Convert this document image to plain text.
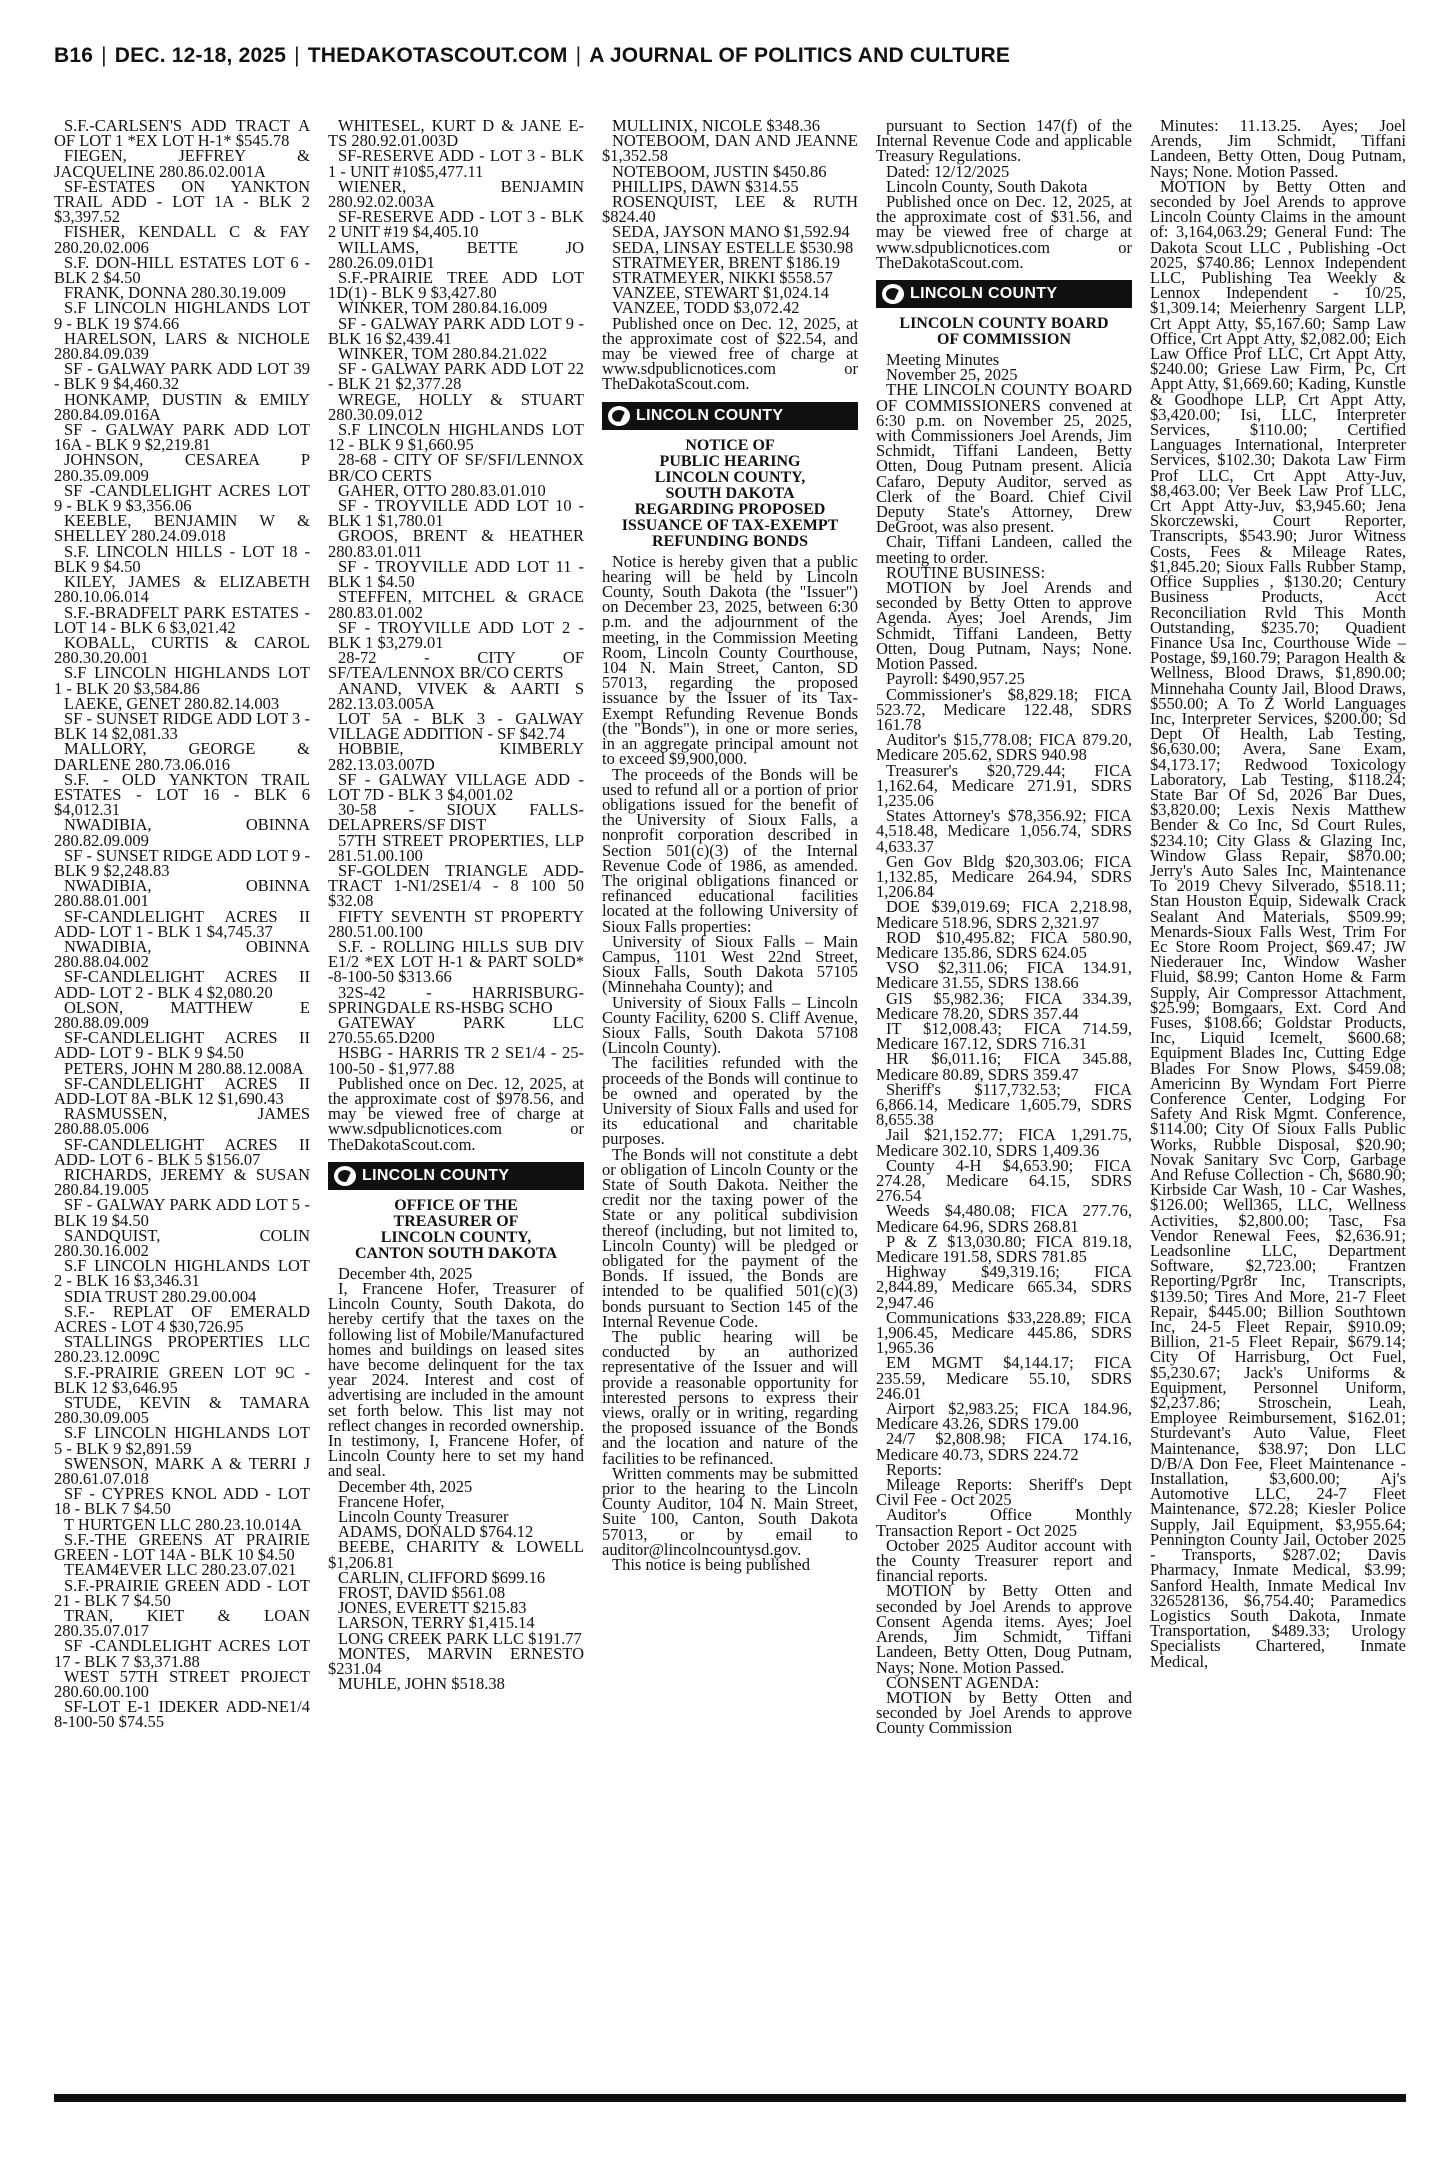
B16 | DEC. 12-18, 2025 | THEDAKOTASCOUT.COM | A JOURNAL OF POLITICS AND CULTURE

S.F.-CARLSEN'S ADD TRACT A OF LOT 1 *EX LOT H-1* $545.78

FIEGEN, JEFFREY & JACQUELINE 280.86.02.001A

SF-ESTATES ON YANKTON TRAIL ADD - LOT 1A - BLK 2 $3,397.52

FISHER, KENDALL C & FAY 280.20.02.006

S.F. DON-HILL ESTATES LOT 6 - BLK 2 $4.50

FRANK, DONNA 280.30.19.009

S.F LINCOLN HIGHLANDS LOT 9 - BLK 19 $74.66

HARELSON, LARS & NICHOLE 280.84.09.039

SF - GALWAY PARK ADD LOT 39 - BLK 9 $4,460.32

HONKAMP, DUSTIN & EMILY 280.84.09.016A

SF - GALWAY PARK ADD LOT 16A - BLK 9 $2,219.81

JOHNSON, CESAREA P 280.35.09.009

SF -CANDLELIGHT ACRES LOT 9 - BLK 9 $3,356.06

KEEBLE, BENJAMIN W & SHELLEY 280.24.09.018

S.F. LINCOLN HILLS - LOT 18 - BLK 9 $4.50

KILEY, JAMES & ELIZABETH 280.10.06.014

S.F.-BRADFELT PARK ESTATES - LOT 14 - BLK 6 $3,021.42

KOBALL, CURTIS & CAROL 280.30.20.001

S.F LINCOLN HIGHLANDS LOT 1 - BLK 20 $3,584.86

LAEKE, GENET 280.82.14.003

SF - SUNSET RIDGE ADD LOT 3 - BLK 14 $2,081.33

MALLORY, GEORGE & DARLENE 280.73.06.016

S.F. - OLD YANKTON TRAIL ESTATES - LOT 16 - BLK 6 $4,012.31

NWADIBIA, OBINNA 280.82.09.009

SF - SUNSET RIDGE ADD LOT 9 - BLK 9 $2,248.83

NWADIBIA, OBINNA 280.88.01.001

SF-CANDLELIGHT ACRES II ADD- LOT 1 - BLK 1 $4,745.37

NWADIBIA, OBINNA 280.88.04.002

SF-CANDLELIGHT ACRES II ADD- LOT 2 - BLK 4 $2,080.20

OLSON, MATTHEW E 280.88.09.009

SF-CANDLELIGHT ACRES II ADD- LOT 9 - BLK 9 $4.50

PETERS, JOHN M 280.88.12.008A

SF-CANDLELIGHT ACRES II ADD-LOT 8A -BLK 12 $1,690.43

RASMUSSEN, JAMES 280.88.05.006

SF-CANDLELIGHT ACRES II ADD- LOT 6 - BLK 5 $156.07

RICHARDS, JEREMY & SUSAN 280.84.19.005

SF - GALWAY PARK ADD LOT 5 - BLK 19 $4.50

SANDQUIST, COLIN 280.30.16.002

S.F LINCOLN HIGHLANDS LOT 2 - BLK 16 $3,346.31

SDIA TRUST 280.29.00.004

S.F.- REPLAT OF EMERALD ACRES - LOT 4 $30,726.95

STALLINGS PROPERTIES LLC 280.23.12.009C

S.F.-PRAIRIE GREEN LOT 9C - BLK 12 $3,646.95

STUDE, KEVIN & TAMARA 280.30.09.005

S.F LINCOLN HIGHLANDS LOT 5 - BLK 9 $2,891.59

SWENSON, MARK A & TERRI J 280.61.07.018

SF - CYPRES KNOL ADD - LOT 18 - BLK 7 $4.50

T HURTGEN LLC 280.23.10.014A

S.F.-THE GREENS AT PRAIRIE GREEN - LOT 14A - BLK 10 $4.50

TEAM4EVER LLC 280.23.07.021

S.F.-PRAIRIE GREEN ADD - LOT 21 - BLK 7 $4.50

TRAN, KIET & LOAN 280.35.07.017

SF -CANDLELIGHT ACRES LOT 17 - BLK 7 $3,371.88

WEST 57TH STREET PROJECT 280.60.00.100

SF-LOT E-1 IDEKER ADD-NE1/4 8-100-50 $74.55

WHITESEL, KURT D & JANE E-TS 280.92.01.003D

SF-RESERVE ADD - LOT 3 - BLK 1 - UNIT #10$5,477.11

WIENER, BENJAMIN 280.92.02.003A

SF-RESERVE ADD - LOT 3 - BLK 2 UNIT #19 $4,405.10

WILLAMS, BETTE JO 280.26.09.01D1

S.F.-PRAIRIE TREE ADD LOT 1D(1) - BLK 9 $3,427.80

WINKER, TOM 280.84.16.009

SF - GALWAY PARK ADD LOT 9 - BLK 16 $2,439.41

WINKER, TOM 280.84.21.022

SF - GALWAY PARK ADD LOT 22 - BLK 21 $2,377.28

WREGE, HOLLY & STUART 280.30.09.012

S.F LINCOLN HIGHLANDS LOT 12 - BLK 9 $1,660.95

28-68 - CITY OF SF/SFI/LENNOX BR/CO CERTS

GAHER, OTTO 280.83.01.010

SF - TROYVILLE ADD LOT 10 - BLK 1 $1,780.01

GROOS, BRENT & HEATHER 280.83.01.011

SF - TROYVILLE ADD LOT 11 - BLK 1 $4.50

STEFFEN, MITCHEL & GRACE 280.83.01.002

SF - TROYVILLE ADD LOT 2 - BLK 1 $3,279.01

28-72 - CITY OF SF/TEA/LENNOX BR/CO CERTS

ANAND, VIVEK & AARTI S 282.13.03.005A

LOT 5A - BLK 3 - GALWAY VILLAGE ADDITION - SF $42.74

HOBBIE, KIMBERLY 282.13.03.007D

SF - GALWAY VILLAGE ADD - LOT 7D - BLK 3 $4,001.02

30-58 - SIOUX FALLS-DELAPRERS/SF DIST

57TH STREET PROPERTIES, LLP 281.51.00.100

SF-GOLDEN TRIANGLE ADD-TRACT 1-N1/2SE1/4 - 8 100 50 $32.08

FIFTY SEVENTH ST PROPERTY 280.51.00.100

S.F. - ROLLING HILLS SUB DIV E1/2 *EX LOT H-1 & PART SOLD* -8-100-50 $313.66

32S-42 - HARRISBURG-SPRINGDALE RS-HSBG SCHO

GATEWAY PARK LLC 270.55.65.D200

HSBG - HARRIS TR 2 SE1/4 - 25-100-50 - $1,977.88

Published once on Dec. 12, 2025, at the approximate cost of $978.56, and may be viewed free of charge at www.sdpublicnotices.com or TheDakotaScout.com.

LINCOLN COUNTY
OFFICE OF THE
TREASURER OF
LINCOLN COUNTY,
CANTON SOUTH DAKOTA

December 4th, 2025

I, Francene Hofer, Treasurer of Lincoln County, South Dakota, do hereby certify that the taxes on the following list of Mobile/Manufactured homes and buildings on leased sites have become delinquent for the tax year 2024. Interest and cost of advertising are included in the amount set forth below. This list may not reflect changes in recorded ownership. In testimony, I, Francene Hofer, of Lincoln County here to set my hand and seal.

December 4th, 2025

Francene Hofer,

Lincoln County Treasurer

ADAMS, DONALD $764.12

BEEBE, CHARITY & LOWELL $1,206.81

CARLIN, CLIFFORD $699.16

FROST, DAVID $561.08

JONES, EVERETT $215.83

LARSON, TERRY $1,415.14

LONG CREEK PARK LLC $191.77

MONTES, MARVIN ERNESTO $231.04

MUHLE, JOHN $518.38

MULLINIX, NICOLE $348.36

NOTEBOOM, DAN AND JEANNE $1,352.58

NOTEBOOM, JUSTIN $450.86

PHILLIPS, DAWN $314.55

ROSENQUIST, LEE & RUTH $824.40

SEDA, JAYSON MANO $1,592.94

SEDA, LINSAY ESTELLE $530.98

STRATMEYER, BRENT $186.19

STRATMEYER, NIKKI $558.57

VANZEE, STEWART $1,024.14

VANZEE, TODD $3,072.42

Published once on Dec. 12, 2025, at the approximate cost of $22.54, and may be viewed free of charge at www.sdpublicnotices.com or TheDakotaScout.com.

LINCOLN COUNTY
NOTICE OF
PUBLIC HEARING
LINCOLN COUNTY,
SOUTH DAKOTA
REGARDING PROPOSED
ISSUANCE OF TAX-EXEMPT
REFUNDING BONDS

Notice is hereby given that a public hearing will be held by Lincoln County, South Dakota (the "Issuer") on December 23, 2025, between 6:30 p.m. and the adjournment of the meeting, in the Commission Meeting Room, Lincoln County Courthouse, 104 N. Main Street, Canton, SD 57013, regarding the proposed issuance by the Issuer of its Tax-Exempt Refunding Revenue Bonds (the "Bonds"), in one or more series, in an aggregate principal amount not to exceed $9,900,000.

The proceeds of the Bonds will be used to refund all or a portion of prior obligations issued for the benefit of the University of Sioux Falls, a nonprofit corporation described in Section 501(c)(3) of the Internal Revenue Code of 1986, as amended. The original obligations financed or refinanced educational facilities located at the following University of Sioux Falls properties:

University of Sioux Falls – Main Campus, 1101 West 22nd Street, Sioux Falls, South Dakota 57105 (Minnehaha County); and

University of Sioux Falls – Lincoln County Facility, 6200 S. Cliff Avenue, Sioux Falls, South Dakota 57108 (Lincoln County).

The facilities refunded with the proceeds of the Bonds will continue to be owned and operated by the University of Sioux Falls and used for its educational and charitable purposes.

The Bonds will not constitute a debt or obligation of Lincoln County or the State of South Dakota. Neither the credit nor the taxing power of the State or any political subdivision thereof (including, but not limited to, Lincoln County) will be pledged or obligated for the payment of the Bonds. If issued, the Bonds are intended to be qualified 501(c)(3) bonds pursuant to Section 145 of the Internal Revenue Code.

The public hearing will be conducted by an authorized representative of the Issuer and will provide a reasonable opportunity for interested persons to express their views, orally or in writing, regarding the proposed issuance of the Bonds and the location and nature of the facilities to be refinanced.

Written comments may be submitted prior to the hearing to the Lincoln County Auditor, 104 N. Main Street, Suite 100, Canton, South Dakota 57013, or by email to auditor@lincolncountysd.gov.

This notice is being published

pursuant to Section 147(f) of the Internal Revenue Code and applicable Treasury Regulations.

Dated: 12/12/2025

Lincoln County, South Dakota

Published once on Dec. 12, 2025, at the approximate cost of $31.56, and may be viewed free of charge at www.sdpublicnotices.com or TheDakotaScout.com.

LINCOLN COUNTY
LINCOLN COUNTY BOARD
OF COMMISSION

Meeting Minutes

November 25, 2025

THE LINCOLN COUNTY BOARD OF COMMISSIONERS convened at 6:30 p.m. on November 25, 2025, with Commissioners Joel Arends, Jim Schmidt, Tiffani Landeen, Betty Otten, Doug Putnam present. Alicia Cafaro, Deputy Auditor, served as Clerk of the Board. Chief Civil Deputy State's Attorney, Drew DeGroot, was also present.

Chair, Tiffani Landeen, called the meeting to order.

ROUTINE BUSINESS:

MOTION by Joel Arends and seconded by Betty Otten to approve Agenda. Ayes; Joel Arends, Jim Schmidt, Tiffani Landeen, Betty Otten, Doug Putnam, Nays; None. Motion Passed.

Payroll: $490,957.25

Commissioner's $8,829.18; FICA 523.72, Medicare 122.48, SDRS 161.78

Auditor's $15,778.08; FICA 879.20, Medicare 205.62, SDRS 940.98

Treasurer's $20,729.44; FICA 1,162.64, Medicare 271.91, SDRS 1,235.06

States Attorney's $78,356.92; FICA 4,518.48, Medicare 1,056.74, SDRS 4,633.37

Gen Gov Bldg $20,303.06; FICA 1,132.85, Medicare 264.94, SDRS 1,206.84

DOE $39,019.69; FICA 2,218.98, Medicare 518.96, SDRS 2,321.97

ROD $10,495.82; FICA 580.90, Medicare 135.86, SDRS 624.05

VSO $2,311.06; FICA 134.91, Medicare 31.55, SDRS 138.66

GIS $5,982.36; FICA 334.39, Medicare 78.20, SDRS 357.44

IT $12,008.43; FICA 714.59, Medicare 167.12, SDRS 716.31

HR $6,011.16; FICA 345.88, Medicare 80.89, SDRS 359.47

Sheriff's $117,732.53; FICA 6,866.14, Medicare 1,605.79, SDRS 8,655.38

Jail $21,152.77; FICA 1,291.75, Medicare 302.10, SDRS 1,409.36

County 4-H $4,653.90; FICA 274.28, Medicare 64.15, SDRS 276.54

Weeds $4,480.08; FICA 277.76, Medicare 64.96, SDRS 268.81

P & Z $13,030.80; FICA 819.18, Medicare 191.58, SDRS 781.85

Highway $49,319.16; FICA 2,844.89, Medicare 665.34, SDRS 2,947.46

Communications $33,228.89; FICA 1,906.45, Medicare 445.86, SDRS 1,965.36

EM MGMT $4,144.17; FICA 235.59, Medicare 55.10, SDRS 246.01

Airport $2,983.25; FICA 184.96, Medicare 43.26, SDRS 179.00

24/7 $2,808.98; FICA 174.16, Medicare 40.73, SDRS 224.72

Reports:

Mileage Reports: Sheriff's Dept Civil Fee - Oct 2025

Auditor's Office Monthly Transaction Report - Oct 2025

October 2025 Auditor account with the County Treasurer report and financial reports.

MOTION by Betty Otten and seconded by Joel Arends to approve Consent Agenda items. Ayes; Joel Arends, Jim Schmidt, Tiffani Landeen, Betty Otten, Doug Putnam, Nays; None. Motion Passed.

CONSENT AGENDA:

MOTION by Betty Otten and seconded by Joel Arends to approve County Commission

Minutes: 11.13.25. Ayes; Joel Arends, Jim Schmidt, Tiffani Landeen, Betty Otten, Doug Putnam, Nays; None. Motion Passed.

MOTION by Betty Otten and seconded by Joel Arends to approve Lincoln County Claims in the amount of: 3,164,063.29; General Fund: The Dakota Scout LLC , Publishing -Oct 2025, $740.86; Lennox Independent LLC, Publishing Tea Weekly & Lennox Independent - 10/25, $1,309.14; Meierhenry Sargent LLP, Crt Appt Atty, $5,167.60; Samp Law Office, Crt Appt Atty, $2,082.00; Eich Law Office Prof LLC, Crt Appt Atty, $240.00; Griese Law Firm, Pc, Crt Appt Atty, $1,669.60; Kading, Kunstle & Goodhope LLP, Crt Appt Atty, $3,420.00; Isi, LLC, Interpreter Services, $110.00; Certified Languages International, Interpreter Services, $102.30; Dakota Law Firm Prof LLC, Crt Appt Atty-Juv, $8,463.00; Ver Beek Law Prof LLC, Crt Appt Atty-Juv, $3,945.60; Jena Skorczewski, Court Reporter, Transcripts, $543.90; Juror Witness Costs, Fees & Mileage Rates, $1,845.20; Sioux Falls Rubber Stamp, Office Supplies , $130.20; Century Business Products, Acct Reconciliation Rvld This Month Outstanding, $235.70; Quadient Finance Usa Inc, Courthouse Wide – Postage, $9,160.79; Paragon Health & Wellness, Blood Draws, $1,890.00; Minnehaha County Jail, Blood Draws, $550.00; A To Z World Languages Inc, Interpreter Services, $200.00; Sd Dept Of Health, Lab Testing, $6,630.00; Avera, Sane Exam, $4,173.17; Redwood Toxicology Laboratory, Lab Testing, $118.24; State Bar Of Sd, 2026 Bar Dues, $3,820.00; Lexis Nexis Matthew Bender & Co Inc, Sd Court Rules, $234.10; City Glass & Glazing Inc, Window Glass Repair, $870.00; Jerry's Auto Sales Inc, Maintenance To 2019 Chevy Silverado, $518.11; Stan Houston Equip, Sidewalk Crack Sealant And Materials, $509.99; Menards-Sioux Falls West, Trim For Ec Store Room Project, $69.47; JW Niederauer Inc, Window Washer Fluid, $8.99; Canton Home & Farm Supply, Air Compressor Attachment, $25.99; Bomgaars, Ext. Cord And Fuses, $108.66; Goldstar Products, Inc, Liquid Icemelt, $600.68; Equipment Blades Inc, Cutting Edge Blades For Snow Plows, $459.08; Americinn By Wyndam Fort Pierre Conference Center, Lodging For Safety And Risk Mgmt. Conference, $114.00; City Of Sioux Falls Public Works, Rubble Disposal, $20.90; Novak Sanitary Svc Corp, Garbage And Refuse Collection - Ch, $680.90; Kirbside Car Wash, 10 - Car Washes, $126.00; Well365, LLC, Wellness Activities, $2,800.00; Tasc, Fsa Vendor Renewal Fees, $2,636.91; Leadsonline LLC, Department Software, $2,723.00; Frantzen Reporting/Pgr8r Inc, Transcripts, $139.50; Tires And More, 21-7 Fleet Repair, $445.00; Billion Southtown Inc, 24-5 Fleet Repair, $910.09; Billion, 21-5 Fleet Repair, $679.14; City Of Harrisburg, Oct Fuel, $5,230.67; Jack's Uniforms & Equipment, Personnel Uniform, $2,237.86; Stroschein, Leah, Employee Reimbursement, $162.01; Sturdevant's Auto Value, Fleet Maintenance, $38.97; Don LLC D/B/A Don Fee, Fleet Maintenance - Installation, $3,600.00; Aj's Automotive LLC, 24-7 Fleet Maintenance, $72.28; Kiesler Police Supply, Jail Equipment, $3,955.64; Pennington County Jail, October 2025 - Transports, $287.02; Davis Pharmacy, Inmate Medical, $3.99; Sanford Health, Inmate Medical Inv 326528136, $6,754.40; Paramedics Logistics South Dakota, Inmate Transportation, $489.33; Urology Specialists Chartered, Inmate Medical,
